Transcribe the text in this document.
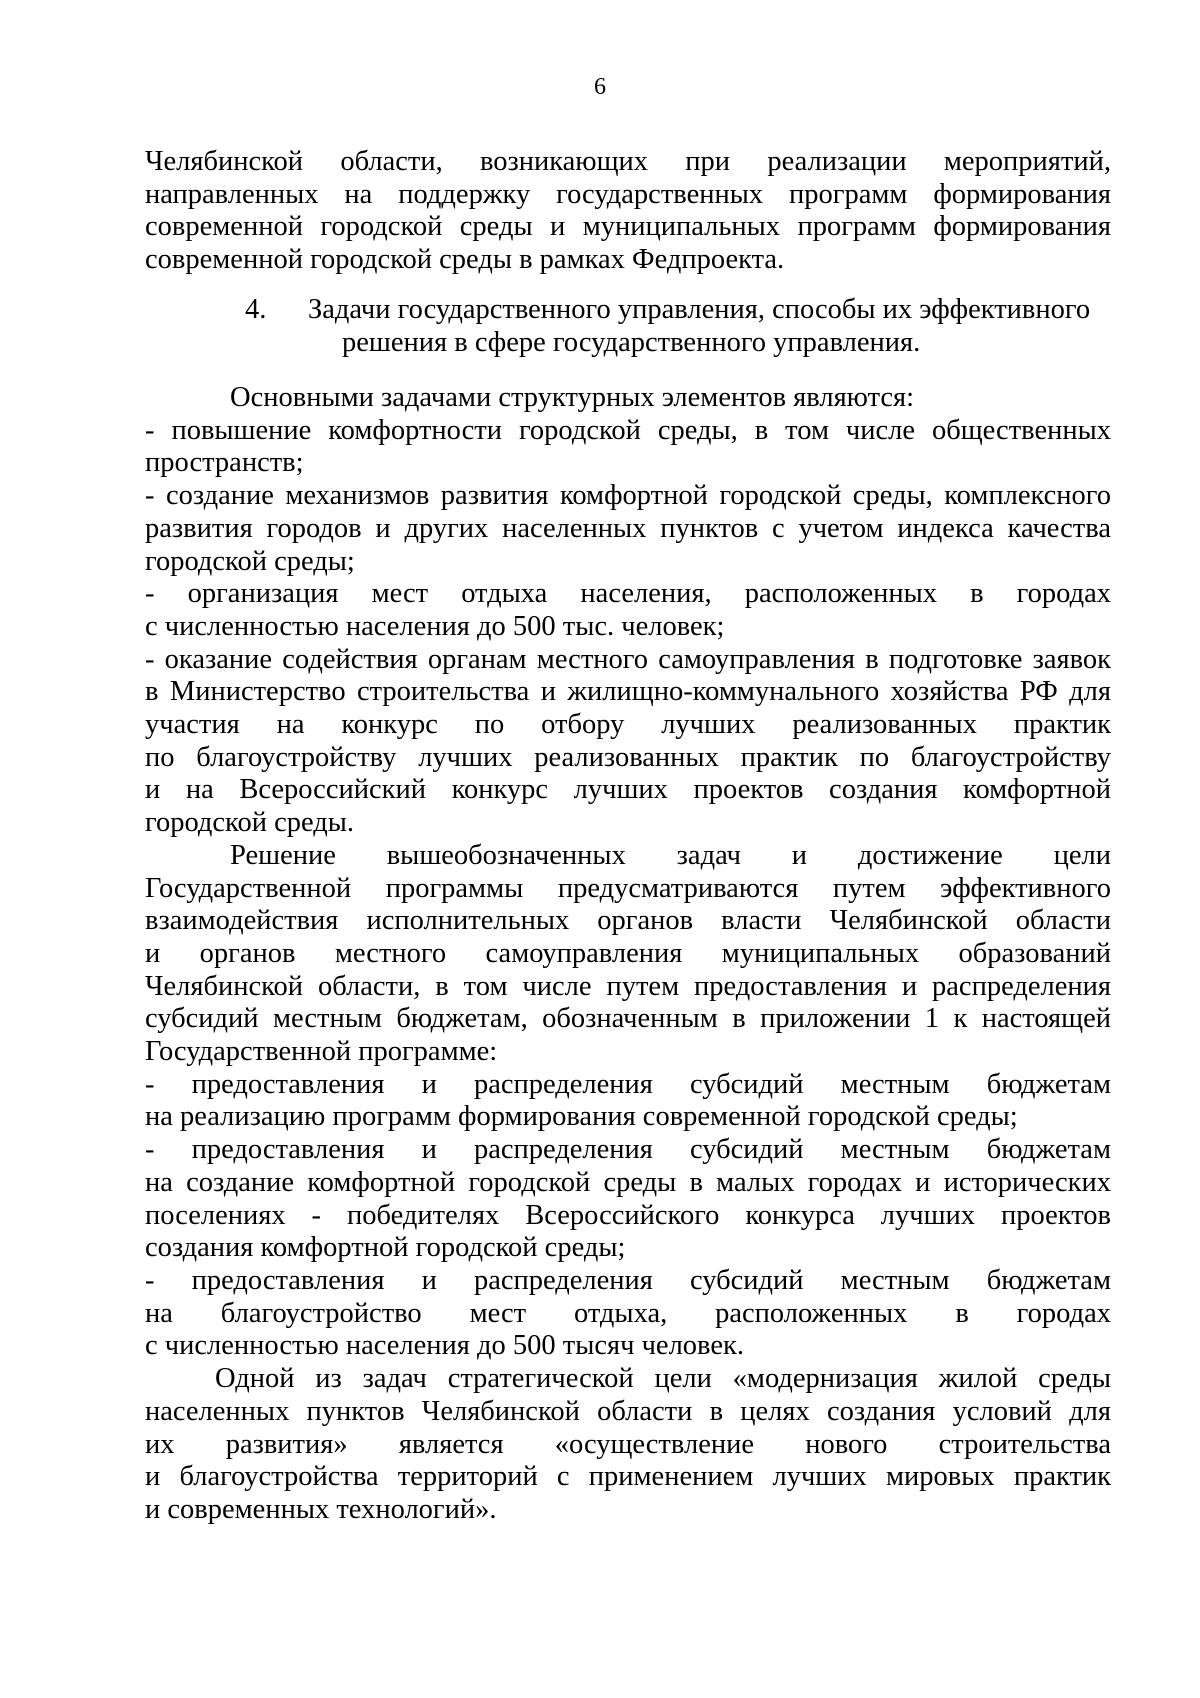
6

Челябинской области, возникающих при реализации мероприятий,

направленных на поддержку государственных программ формирования

современной городской среды и муниципальных программ формирования

современной городской среды в рамках Федпроекта.

4. Задачи государственного управления, способы их эффективного

решения в сфере государственного управления.

Основными задачами структурных элементов являются:

- повышение комфортности городской среды, в том числе общественных

пространств;

- создание механизмов развития комфортной городской среды, комплексного

развития городов и других населенных пунктов с учетом индекса качества

городской среды;

- организация мест отдыха населения, расположенных в городах

с численностью населения до 500 тыс. человек;

- оказание содействия органам местного самоуправления в подготовке заявок

в Министерство строительства и жилищно-коммунального хозяйства РФ для

участия на конкурс по отбору лучших реализованных практик

по благоустройству лучших реализованных практик по благоустройству

и на Всероссийский конкурс лучших проектов создания комфортной

городской среды.

Решение вышеобозначенных задач и достижение цели

Государственной программы предусматриваются путем эффективного

взаимодействия исполнительных органов власти Челябинской области

и органов местного самоуправления муниципальных образований

Челябинской области, в том числе путем предоставления и распределения

субсидий местным бюджетам, обозначенным в приложении 1 к настоящей

Государственной программе:

- предоставления и распределения субсидий местным бюджетам

на реализацию программ формирования современной городской среды;

- предоставления и распределения субсидий местным бюджетам

на создание комфортной городской среды в малых городах и исторических

поселениях - победителях Всероссийского конкурса лучших проектов

создания комфортной городской среды;

- предоставления и распределения субсидий местным бюджетам

на благоустройство мест отдыха, расположенных в городах

с численностью населения до 500 тысяч человек.

Одной из задач стратегической цели «модернизация жилой среды

населенных пунктов Челябинской области в целях создания условий для

их развития» является «осуществление нового строительства

и благоустройства территорий с применением лучших мировых практик

и современных технологий».
